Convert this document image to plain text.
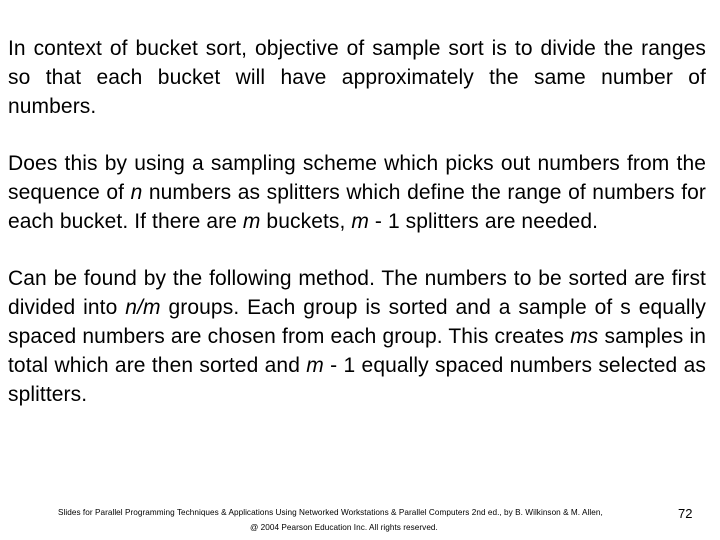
In context of bucket sort, objective of sample sort is to divide the ranges so that each bucket will have approximately the same number of numbers.

Does this by using a sampling scheme which picks out numbers from the sequence of n numbers as splitters which define the range of numbers for each bucket. If there are m buckets, m - 1 splitters are needed.

Can be found by the following method. The numbers to be sorted are first divided into n/m groups. Each group is sorted and a sample of s equally spaced numbers are chosen from each group. This creates ms samples in total which are then sorted and m - 1 equally spaced numbers selected as splitters.

Slides for Parallel Programming Techniques & Applications Using Networked Workstations & Parallel Computers 2nd ed., by B. Wilkinson & M. Allen,
@ 2004 Pearson Education Inc. All rights reserved.
72
